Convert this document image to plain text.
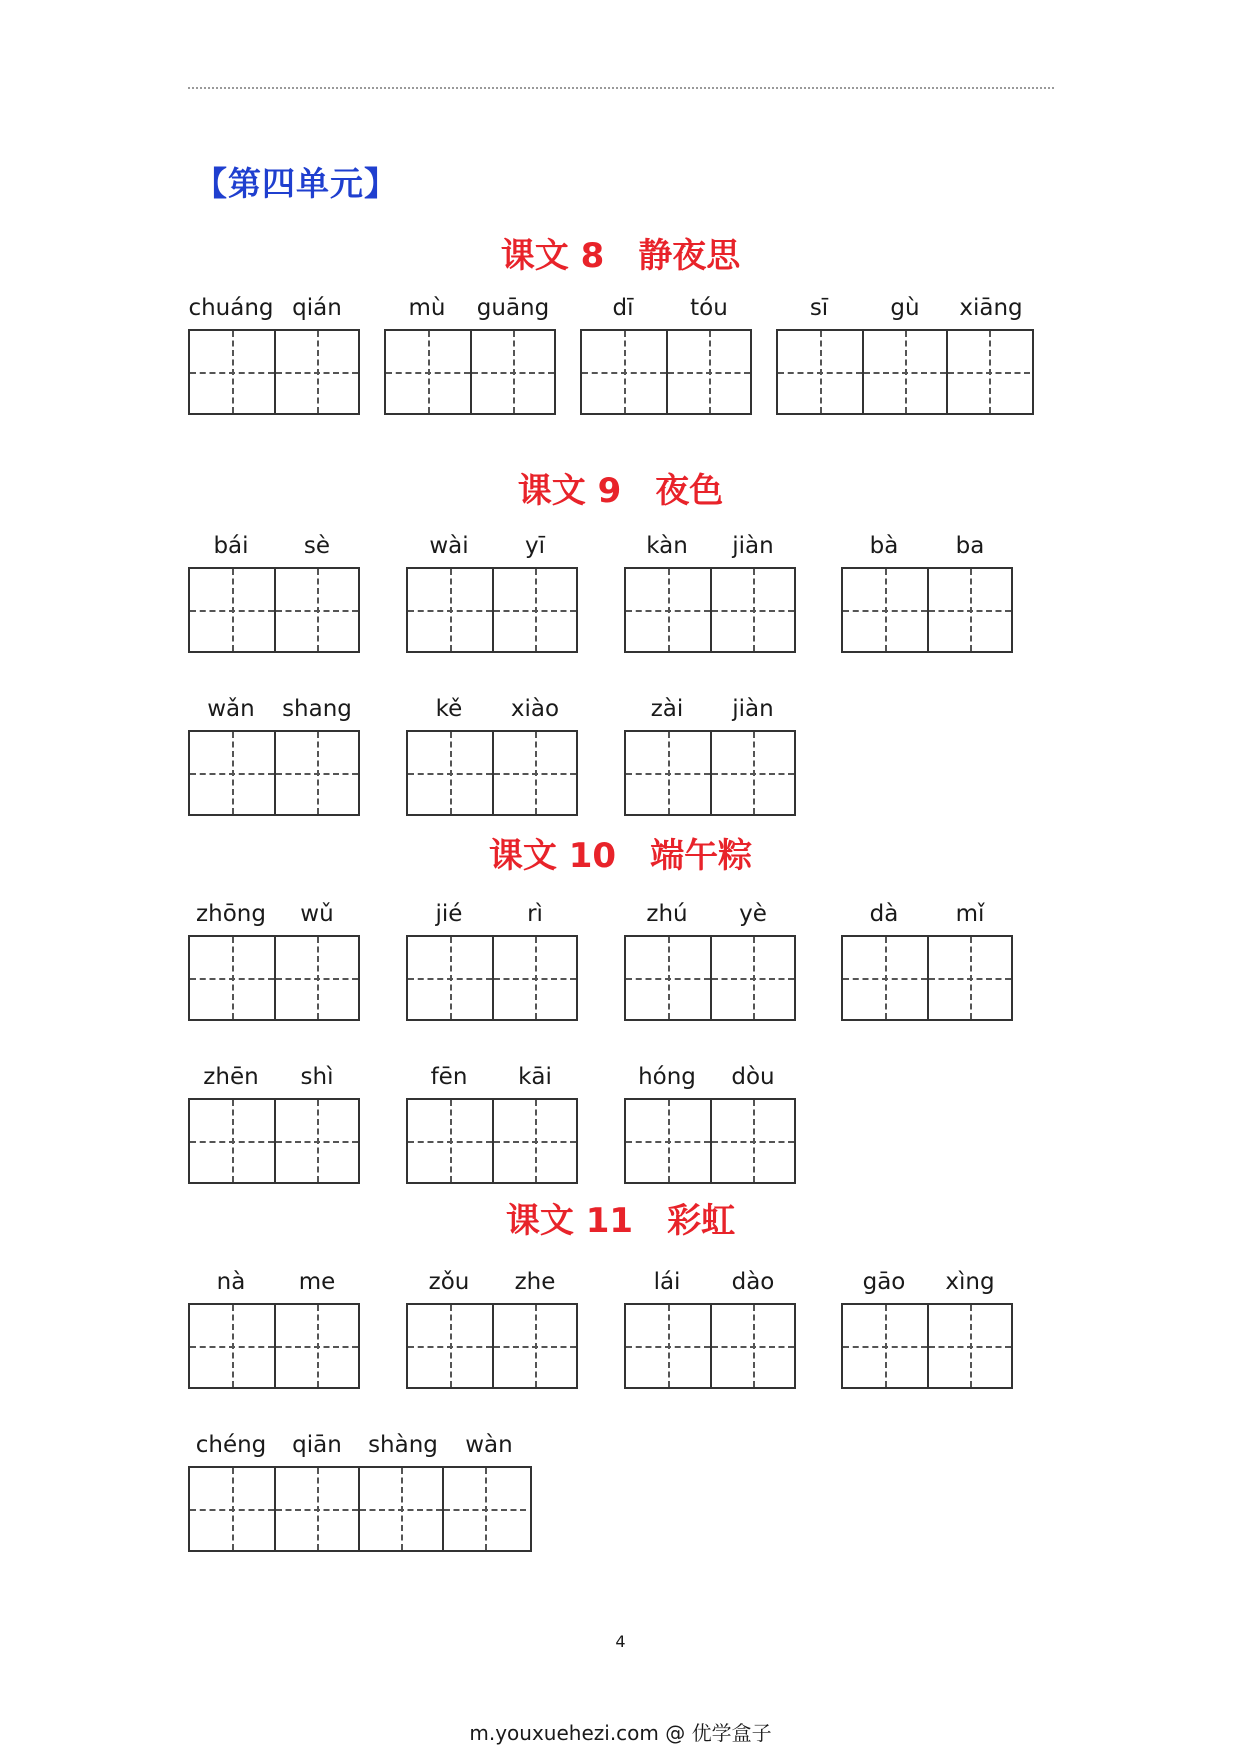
【第四单元】
课文 8　静夜思
chuáng qián	mù	guāng	dī	tóu	sī	gù	xiāng
课文 9　夜色
bái	sè	wài	yī	kàn	jiàn	bà	ba
wǎn	shang	kě	xiào	zài	jiàn
课文 10　端午粽
zhōng	wǔ	jié	rì	zhú	yè	dà	mǐ
zhēn	shì	fēn	kāi	hóng	dòu
课文 11　彩虹
nà	me	zǒu	zhe	lái	dào	gāo	xìng
chéng	qiān	shàng	wàn
4
m.youxuehezi.com @ 优学盒子
